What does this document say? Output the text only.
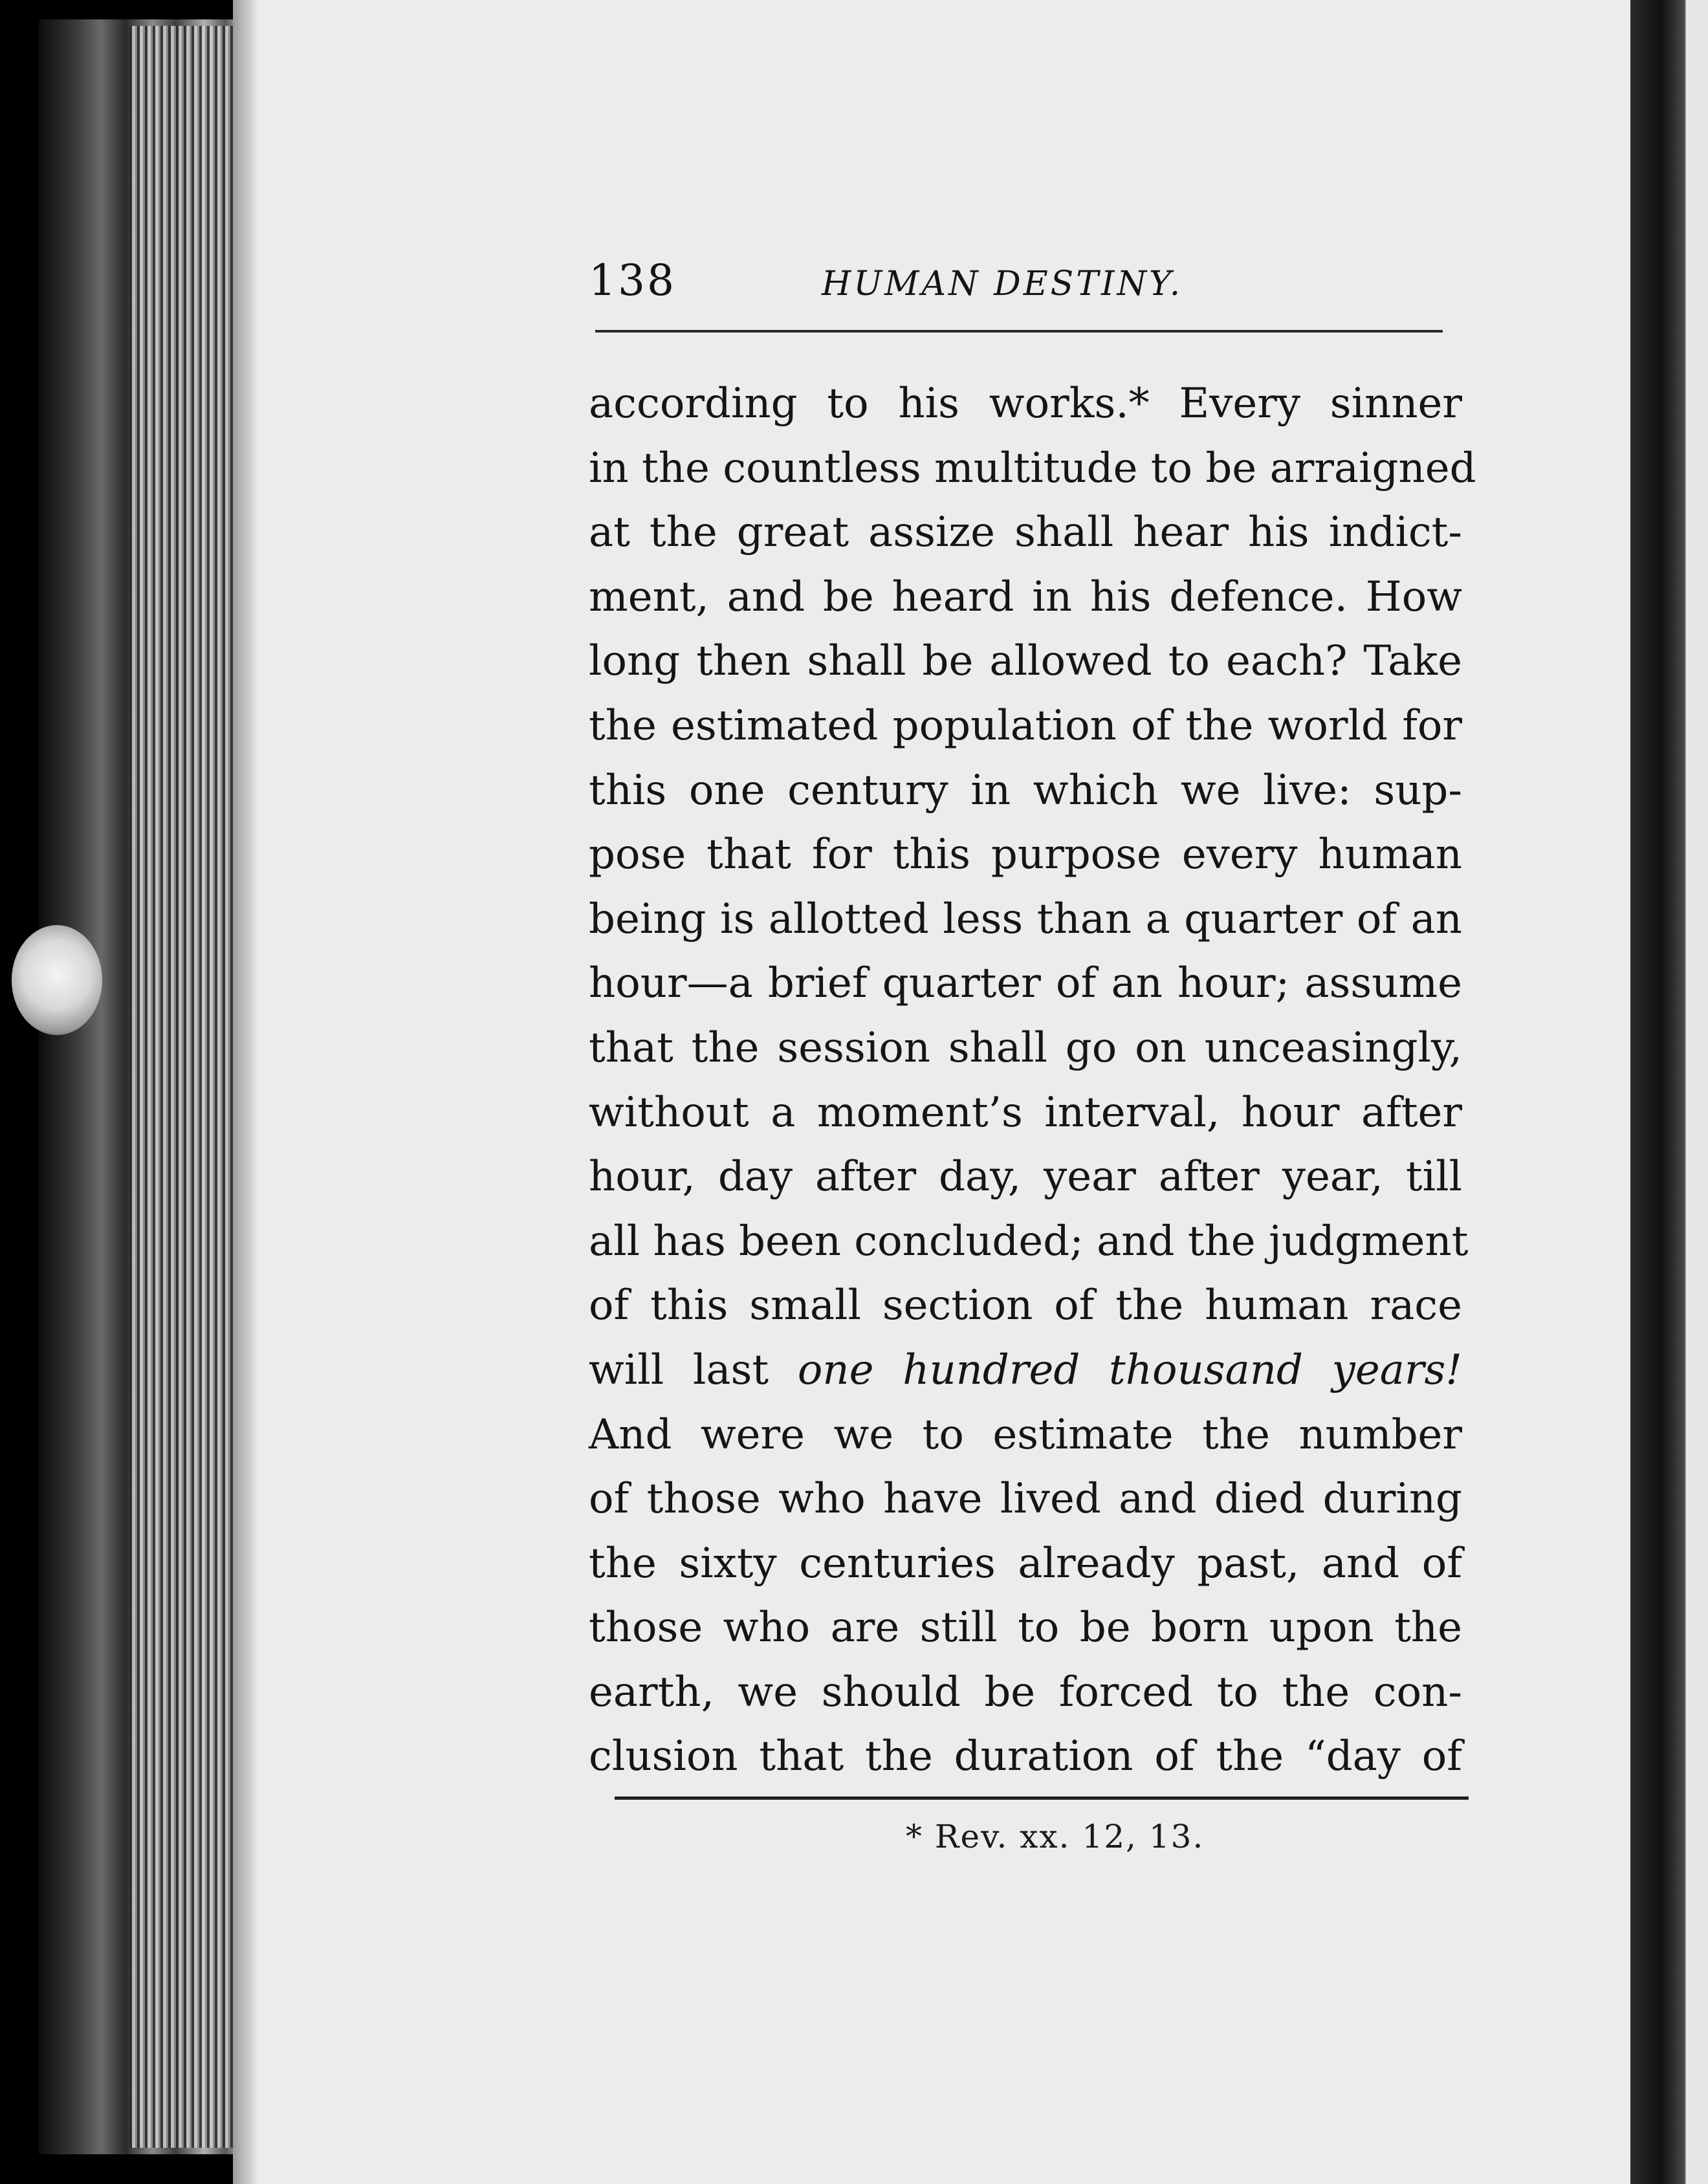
138	HUMAN DESTINY.
according to his works.* Every sinner
in the countless multitude to be arraigned
at the great assize shall hear his indict-
ment, and be heard in his defence. How
long then shall be allowed to each? Take
the estimated population of the world for
this one century in which we live: sup-
pose that for this purpose every human
being is allotted less than a quarter of an
hour—a brief quarter of an hour; assume
that the session shall go on unceasingly,
without a moment’s interval, hour after
hour, day after day, year after year, till
all has been concluded; and the judgment
of this small section of the human race
will last one hundred thousand years!
And were we to estimate the number
of those who have lived and died during
the sixty centuries already past, and of
those who are still to be born upon the
earth, we should be forced to the con-
clusion that the duration of the “day of
* Rev. xx. 12, 13.
